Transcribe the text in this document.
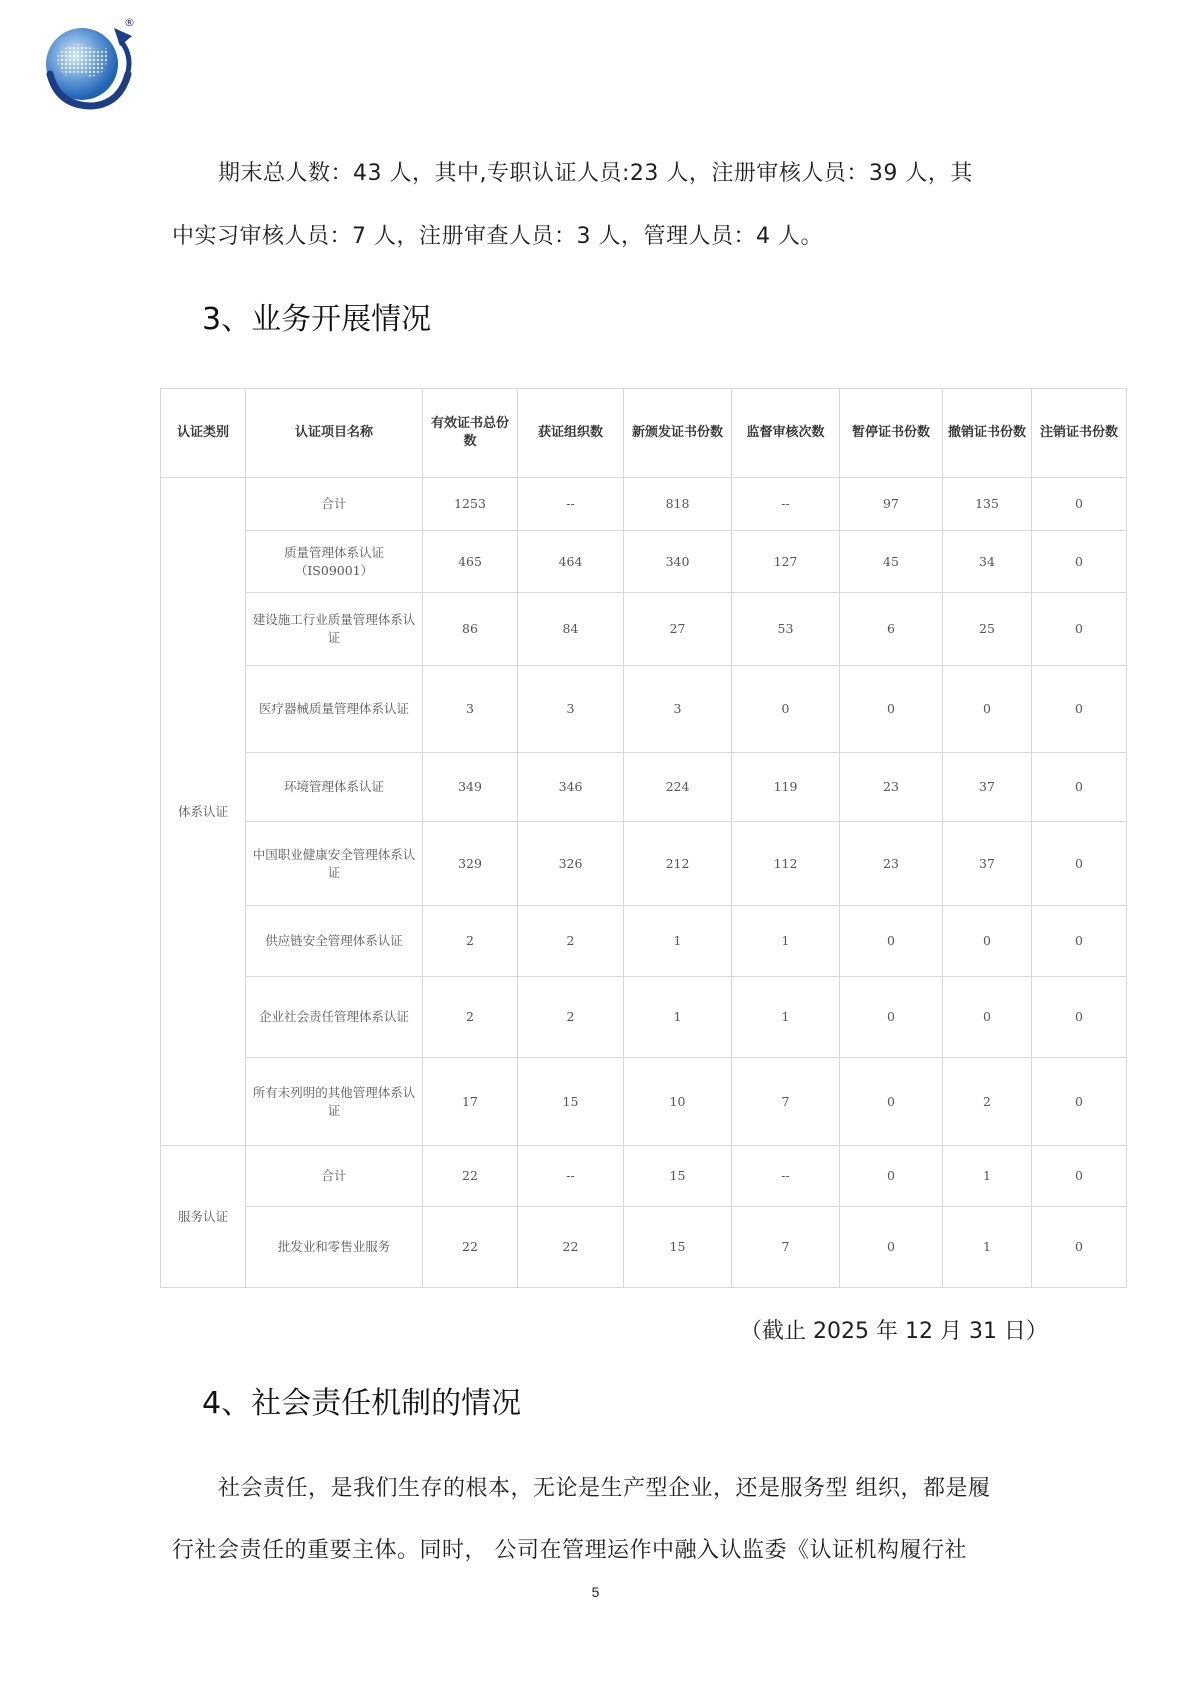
®
期末总人数：43 人，其中,专职认证人员:23 人，注册审核人员：39 人，其
中实习审核人员：7 人，注册审查人员：3 人，管理人员：4 人。
3、业务开展情况
认证类别	认证项目名称	有效证书总份数	获证组织数	新颁发证书份数	监督审核次数	暂停证书份数	撤销证书份数	注销证书份数
体系认证	合计	1253	--	818	--	97	135	0
	质量管理体系认证（IS09001）	465	464	340	127	45	34	0
	建设施工行业质量管理体系认证	86	84	27	53	6	25	0
	医疗器械质量管理体系认证	3	3	3	0	0	0	0
	环境管理体系认证	349	346	224	119	23	37	0
	中国职业健康安全管理体系认证	329	326	212	112	23	37	0
	供应链安全管理体系认证	2	2	1	1	0	0	0
	企业社会责任管理体系认证	2	2	1	1	0	0	0
	所有未列明的其他管理体系认证	17	15	10	7	0	2	0
服务认证	合计	22	--	15	--	0	1	0
	批发业和零售业服务	22	22	15	7	0	1	0
（截止 2025 年 12 月 31 日）
4、社会责任机制的情况
社会责任，是我们生存的根本，无论是生产型企业，还是服务型 组织，都是履
行社会责任的重要主体。同时， 公司在管理运作中融入认监委《认证机构履行社
5
